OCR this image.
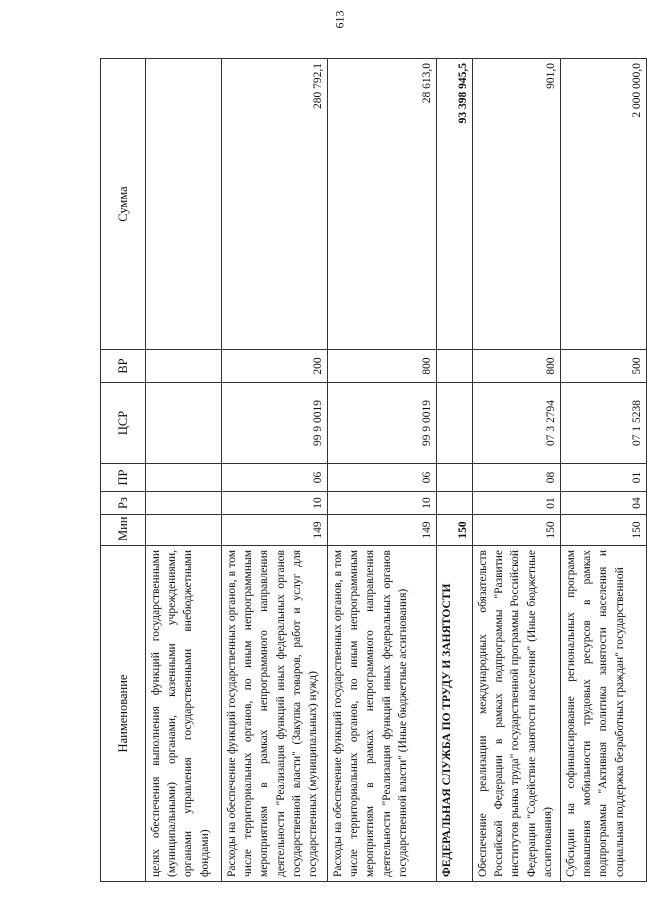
613
Наименование	Мин	Рз	ПР	ЦСР	ВР	Сумма
целях обеспечения выполнения функций государственными (муниципальными) органами, казенными учреждениями, органами управления государственными внебюджетными фондами)						
Расходы на обеспечение функций государственных органов, в том числе территориальных органов, по иным непрограммным мероприятиям в рамках непрограммного направления деятельности "Реализация функций иных федеральных органов государственной власти" (Закупка товаров, работ и услуг для государственных (муниципальных) нужд)	149	10	06	99 9 0019	200	280 792,1
Расходы на обеспечение функций государственных органов, в том числе территориальных органов, по иным непрограммным мероприятиям в рамках непрограммного направления деятельности "Реализация функций иных федеральных органов государственной власти" (Иные бюджетные ассигнования)	149	10	06	99 9 0019	800	28 613,0
ФЕДЕРАЛЬНАЯ СЛУЖБА ПО ТРУДУ И ЗАНЯТОСТИ	150					93 398 945,5
Обеспечение реализации международных обязательств Российской Федерации в рамках подпрограммы "Развитие институтов рынка труда" государственной программы Российской Федерации "Содействие занятости населения" (Иные бюджетные ассигнования)	150	01	08	07 3 2794	800	901,0
Субсидии на софинансирование региональных программ повышения мобильности трудовых ресурсов в рамках подпрограммы "Активная политика занятости населения и социальная поддержка безработных граждан" государственной	150	04	01	07 1 5238	500	2 000 000,0
